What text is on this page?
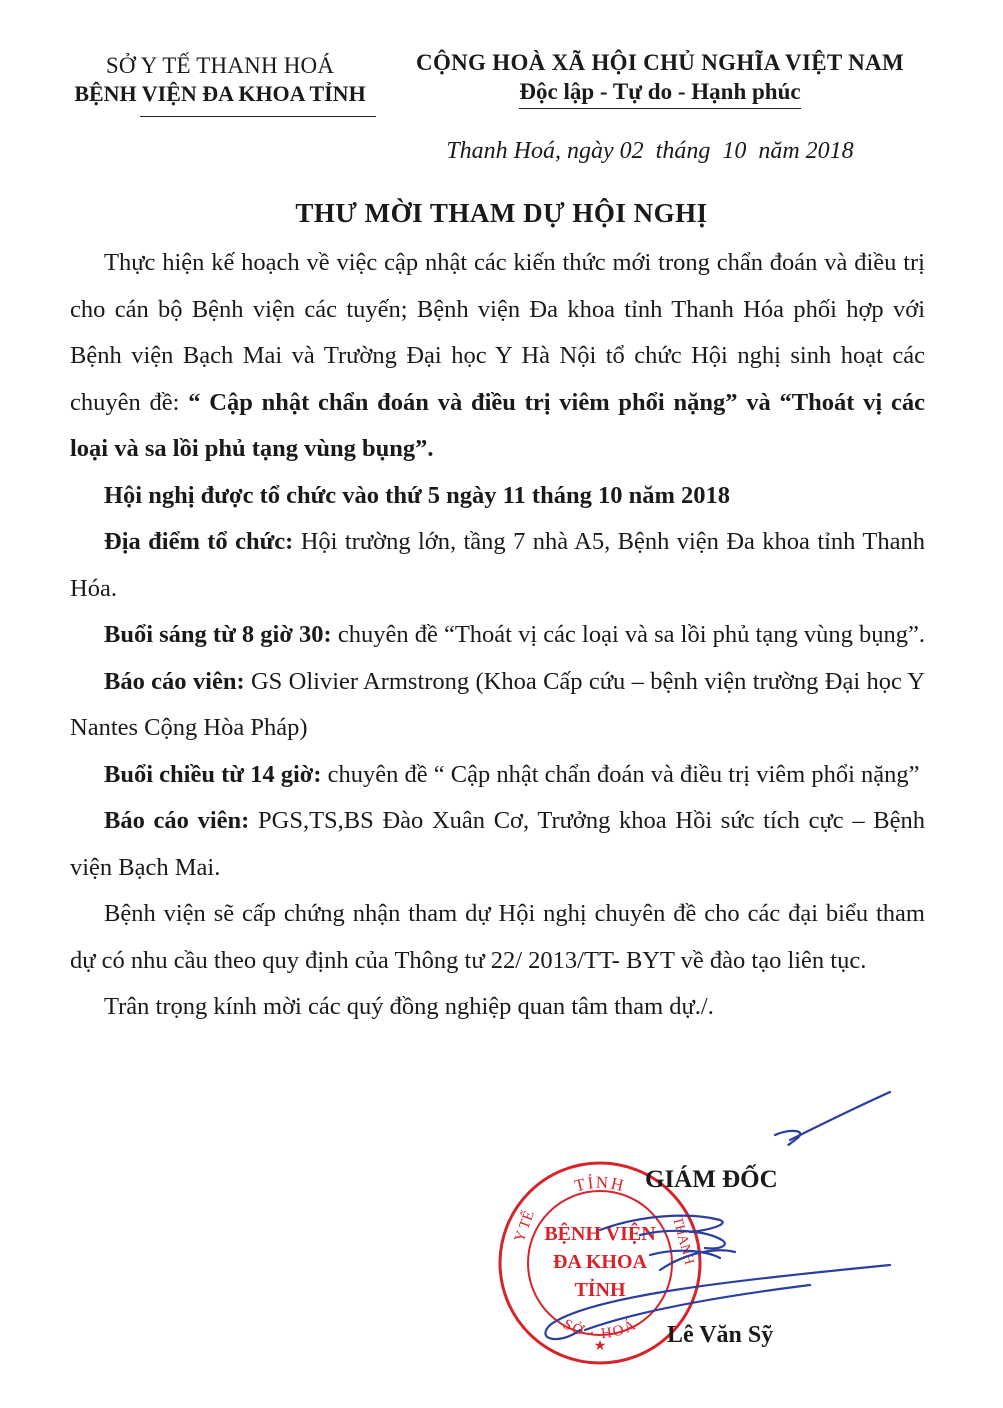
SỞ Y TẾ THANH HOÁ
BỆNH VIỆN ĐA KHOA TỈNH
CỘNG HOÀ XÃ HỘI CHỦ NGHĨA VIỆT NAM
Độc lập - Tự do - Hạnh phúc
Thanh Hoá, ngày 02  tháng  10  năm 2018
THƯ MỜI THAM DỰ HỘI NGHỊ

Thực hiện kế hoạch về việc cập nhật các kiến thức mới trong chẩn đoán và điều trị cho cán bộ Bệnh viện các tuyến; Bệnh viện Đa khoa tỉnh Thanh Hóa phối hợp với Bệnh viện Bạch Mai và Trường Đại học Y Hà Nội tổ chức Hội nghị sinh hoạt các chuyên đề: “ Cập nhật chẩn đoán và điều trị viêm phổi nặng” và “Thoát vị các loại và sa lồi phủ tạng vùng bụng”.

Hội nghị được tổ chức vào thứ 5 ngày 11 tháng 10 năm 2018

Địa điểm tổ chức: Hội trường lớn, tầng 7 nhà A5, Bệnh viện Đa khoa tỉnh Thanh Hóa.

Buổi sáng từ 8 giờ 30: chuyên đề “Thoát vị các loại và sa lồi phủ tạng vùng bụng”.

Báo cáo viên: GS Olivier Armstrong (Khoa Cấp cứu – bệnh viện trường Đại học Y Nantes Cộng Hòa Pháp)

Buổi chiều từ 14 giờ: chuyên đề “ Cập nhật chẩn đoán và điều trị viêm phổi nặng”

Báo cáo viên: PGS,TS,BS Đào Xuân Cơ, Trưởng khoa Hồi sức tích cực – Bệnh viện Bạch Mai.

Bệnh viện sẽ cấp chứng nhận tham dự Hội nghị chuyên đề cho các đại biểu tham dự có nhu cầu theo quy định của Thông tư 22/ 2013/TT- BYT về đào tạo liên tục.

Trân trọng kính mời các quý đồng nghiệp quan tâm tham dự./.

TỈNH
Y TẾ	THANH
SỞ · HOÁ
BỆNH VIỆN
ĐA KHOA
TỈNH
★
GIÁM ĐỐC
Lê Văn Sỹ
